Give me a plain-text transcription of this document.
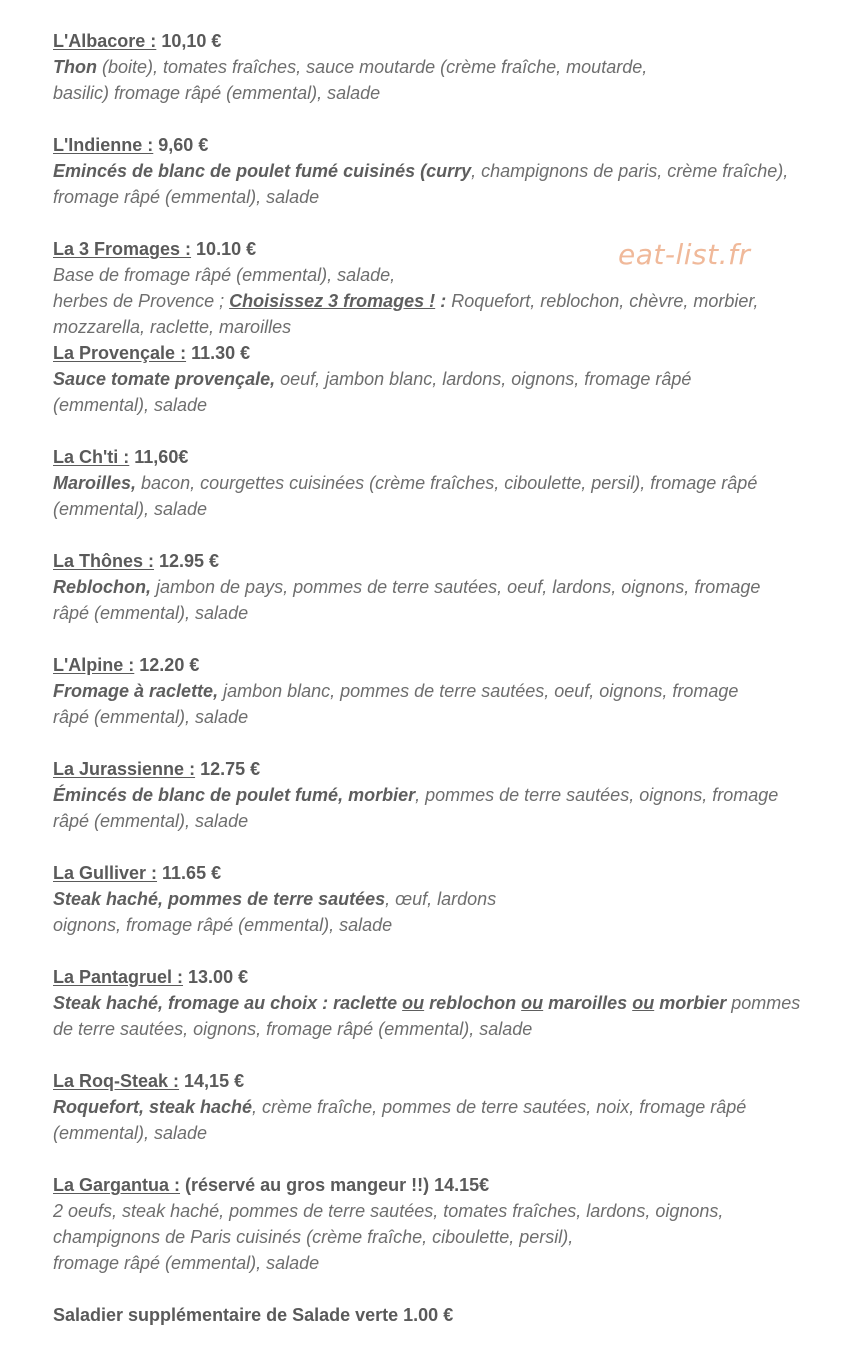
L'Albacore : 10,10 €
Thon (boite), tomates fraîches, sauce moutarde (crème fraîche, moutarde,
basilic) fromage râpé (emmental), salade
L'Indienne : 9,60 €
Emincés de blanc de poulet fumé cuisinés (curry, champignons de paris, crème fraîche),
fromage râpé (emmental), salade
La 3 Fromages : 10.10 €
Base de fromage râpé (emmental), salade,
herbes de Provence ; Choisissez 3 fromages ! : Roquefort, reblochon, chèvre, morbier,
mozzarella, raclette, maroilles
La Provençale : 11.30 €
Sauce tomate provençale, oeuf, jambon blanc, lardons, oignons, fromage râpé
(emmental), salade
La Ch'ti : 11,60€
Maroilles, bacon, courgettes cuisinées (crème fraîches, ciboulette, persil), fromage râpé
(emmental), salade
La Thônes : 12.95 €
Reblochon, jambon de pays, pommes de terre sautées, oeuf, lardons, oignons, fromage
râpé (emmental), salade
L'Alpine : 12.20 €
Fromage à raclette, jambon blanc, pommes de terre sautées, oeuf, oignons, fromage
râpé (emmental), salade
La Jurassienne : 12.75 €
Émincés de blanc de poulet fumé, morbier, pommes de terre sautées, oignons, fromage
râpé (emmental), salade
La Gulliver : 11.65 €
Steak haché, pommes de terre sautées, œuf, lardons
oignons, fromage râpé (emmental), salade
La Pantagruel : 13.00 €
Steak haché, fromage au choix : raclette ou reblochon ou maroilles ou morbier pommes
de terre sautées, oignons, fromage râpé (emmental), salade
La Roq-Steak : 14,15 €
Roquefort, steak haché, crème fraîche, pommes de terre sautées, noix, fromage râpé
(emmental), salade
La Gargantua : (réservé au gros mangeur !!) 14.15€
2 oeufs, steak haché, pommes de terre sautées, tomates fraîches, lardons, oignons,
champignons de Paris cuisinés (crème fraîche, ciboulette, persil),
fromage râpé (emmental), salade
Saladier supplémentaire de Salade verte 1.00 €
eat-list.fr
